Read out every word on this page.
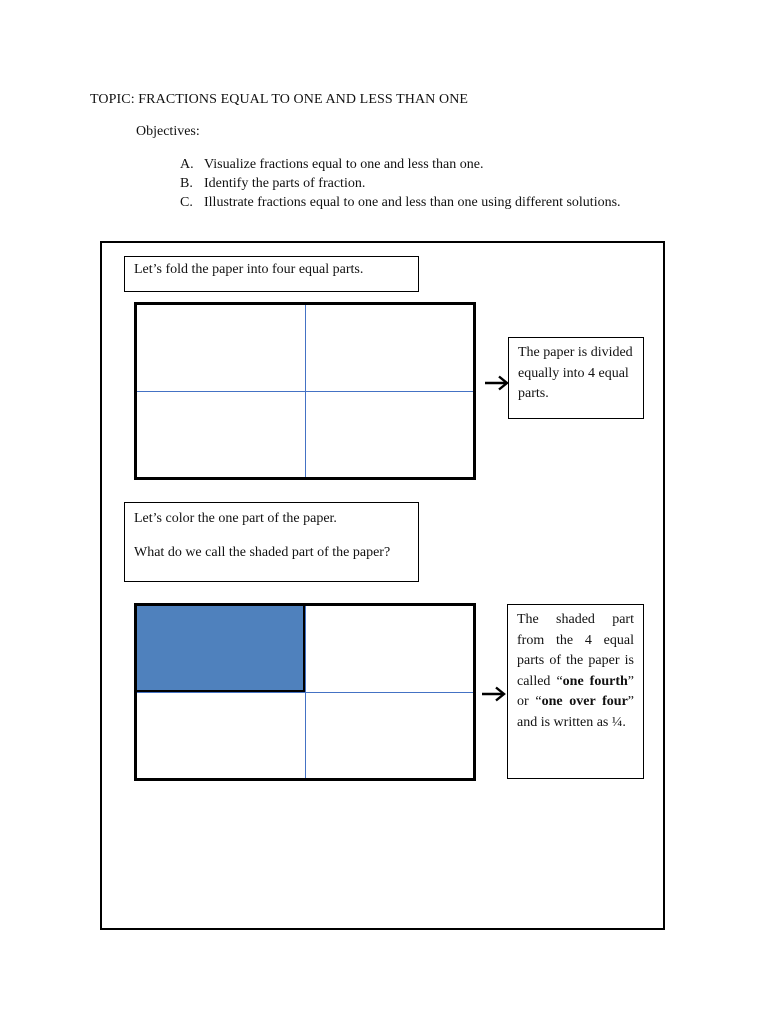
TOPIC: FRACTIONS EQUAL TO ONE AND LESS THAN ONE
Objectives:
A. Visualize fractions equal to one and less than one.
B. Identify the parts of fraction.
C. Illustrate fractions equal to one and less than one using different solutions.
Let’s fold the paper into four equal parts.
The paper is divided equally into 4 equal parts.

Let’s color the one part of the paper.

What do we call the shaded part of the paper?

The shaded part from the 4 equal parts of the paper is called “one fourth” or “one over four” and is written as ¼.
